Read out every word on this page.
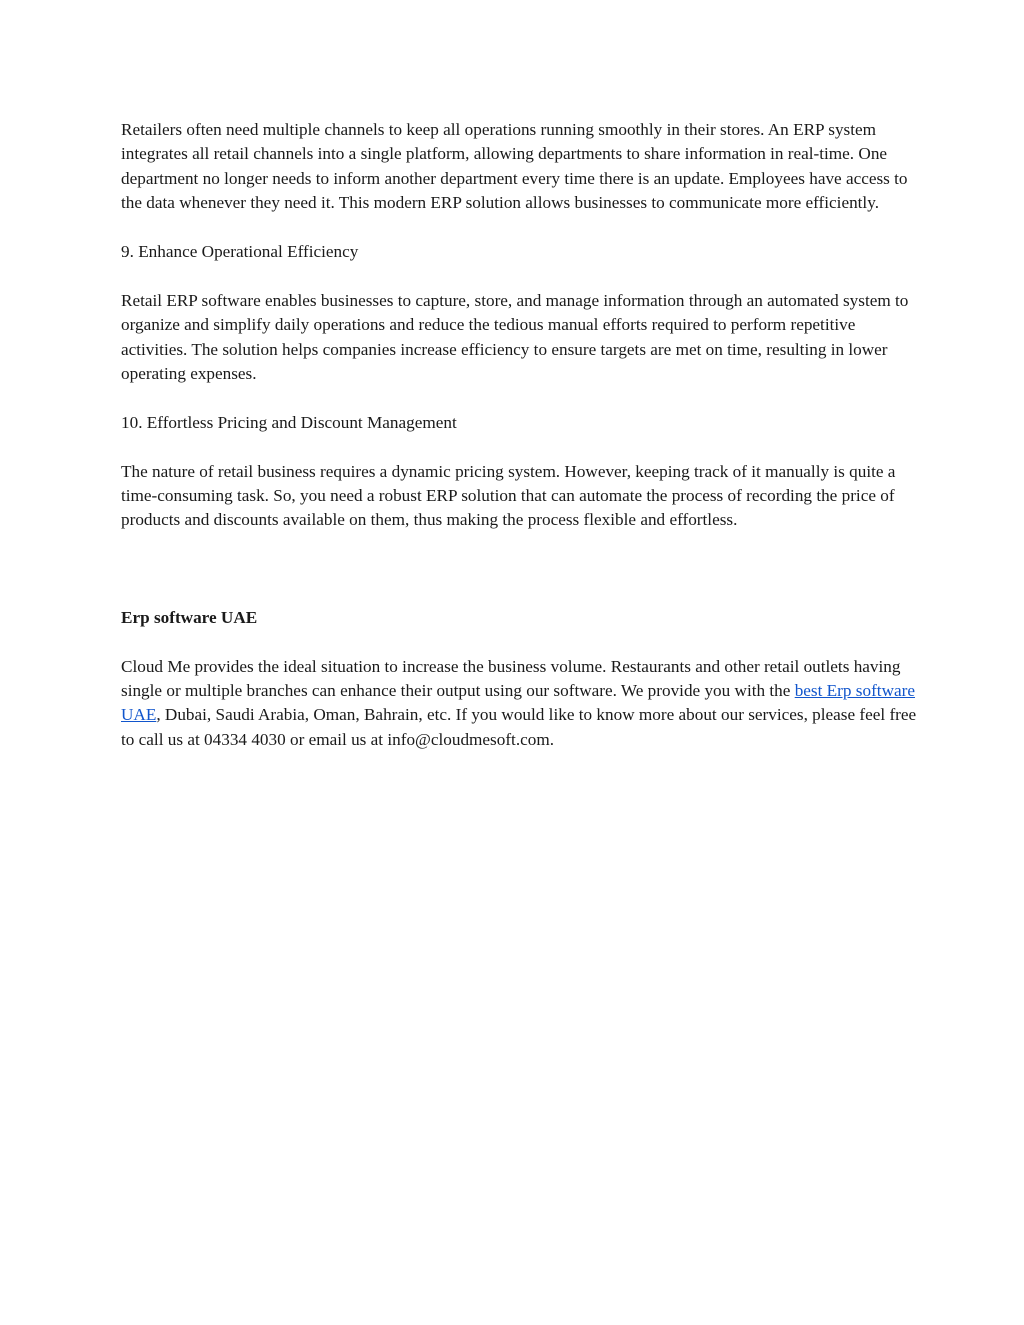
Retailers often need multiple channels to keep all operations running smoothly in their stores. An ERP system integrates all retail channels into a single platform, allowing departments to share information in real-time. One department no longer needs to inform another department every time there is an update. Employees have access to the data whenever they need it. This modern ERP solution allows businesses to communicate more efficiently.

9. Enhance Operational Efficiency

Retail ERP software enables businesses to capture, store, and manage information through an automated system to organize and simplify daily operations and reduce the tedious manual efforts required to perform repetitive activities. The solution helps companies increase efficiency to ensure targets are met on time, resulting in lower operating expenses.

10. Effortless Pricing and Discount Management

The nature of retail business requires a dynamic pricing system. However, keeping track of it manually is quite a time-consuming task. So, you need a robust ERP solution that can automate the process of recording the price of products and discounts available on them, thus making the process flexible and effortless.

Erp software UAE

Cloud Me provides the ideal situation to increase the business volume. Restaurants and other retail outlets having single or multiple branches can enhance their output using our software. We provide you with the best Erp software UAE, Dubai, Saudi Arabia, Oman, Bahrain, etc. If you would like to know more about our services, please feel free to call us at 04334 4030 or email us at info@cloudmesoft.com.
